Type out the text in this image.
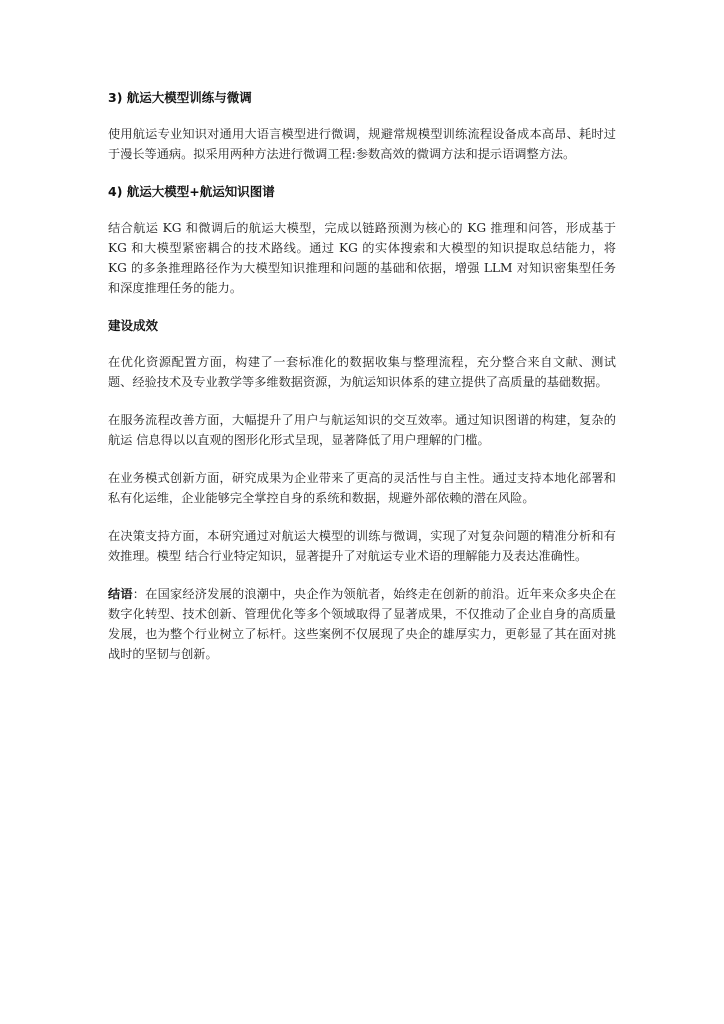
3) 航运大模型训练与微调

使用航运专业知识对通用大语言模型进行微调，规避常规模型训练流程设备成本高昂、耗时过于漫长等通病。拟采用两种方法进行微调工程:参数高效的微调方法和提示语调整方法。

4) 航运大模型+航运知识图谱

结合航运 KG 和微调后的航运大模型，完成以链路预测为核心的 KG 推理和问答，形成基于 KG 和大模型紧密耦合的技术路线。通过 KG 的实体搜索和大模型的知识提取总结能力，将 KG 的多条推理路径作为大模型知识推理和问题的基础和依据，增强 LLM 对知识密集型任务和深度推理任务的能力。

建设成效

在优化资源配置方面，构建了一套标准化的数据收集与整理流程，充分整合来自文献、测试题、经验技术及专业教学等多维数据资源，为航运知识体系的建立提供了高质量的基础数据。

在服务流程改善方面，大幅提升了用户与航运知识的交互效率。通过知识图谱的构建，复杂的航运 信息得以以直观的图形化形式呈现，显著降低了用户理解的门槛。

在业务模式创新方面，研究成果为企业带来了更高的灵活性与自主性。通过支持本地化部署和私有化运维，企业能够完全掌控自身的系统和数据，规避外部依赖的潜在风险。

在决策支持方面，本研究通过对航运大模型的训练与微调，实现了对复杂问题的精准分析和有效推理。模型 结合行业特定知识，显著提升了对航运专业术语的理解能力及表达准确性。

结语：在国家经济发展的浪潮中，央企作为领航者，始终走在创新的前沿。近年来众多央企在数字化转型、技术创新、管理优化等多个领域取得了显著成果，不仅推动了企业自身的高质量发展，也为整个行业树立了标杆。这些案例不仅展现了央企的雄厚实力，更彰显了其在面对挑战时的坚韧与创新。
